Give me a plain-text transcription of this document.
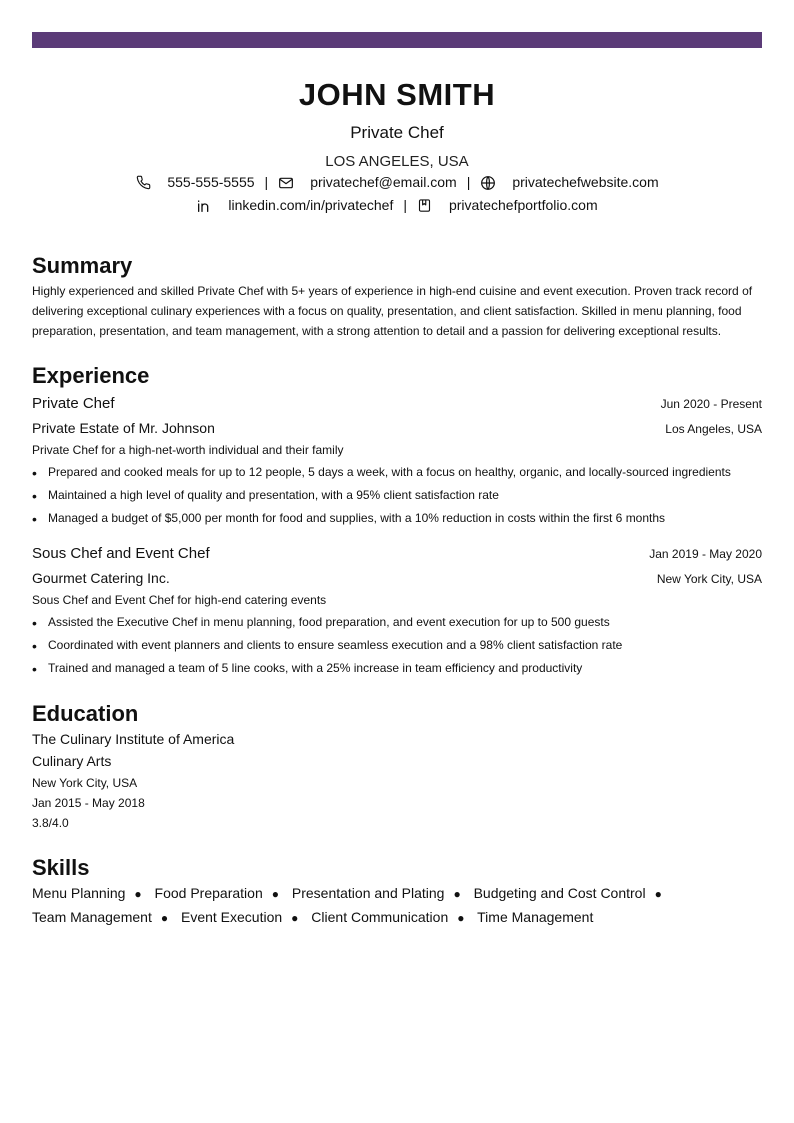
JOHN SMITH
Private Chef
LOS ANGELES, USA
555-555-5555 |	privatechef@email.com |	privatechefwebsite.com
linkedin.com/in/privatechef |	privatechefportfolio.com
Summary

Highly experienced and skilled Private Chef with 5+ years of experience in high-end cuisine and event execution. Proven track record of delivering exceptional culinary experiences with a focus on quality, presentation, and client satisfaction. Skilled in menu planning, food preparation, presentation, and team management, with a strong attention to detail and a passion for delivering exceptional results.

Experience
Private Chef	Jun 2020 - Present
Private Estate of Mr. Johnson	Los Angeles, USA
Private Chef for a high-net-worth individual and their family
• Prepared and cooked meals for up to 12 people, 5 days a week, with a focus on healthy, organic, and locally-sourced ingredients
• Maintained a high level of quality and presentation, with a 95% client satisfaction rate
• Managed a budget of $5,000 per month for food and supplies, with a 10% reduction in costs within the first 6 months
Sous Chef and Event Chef	Jan 2019 - May 2020
Gourmet Catering Inc.	New York City, USA
Sous Chef and Event Chef for high-end catering events
• Assisted the Executive Chef in menu planning, food preparation, and event execution for up to 500 guests
• Coordinated with event planners and clients to ensure seamless execution and a 98% client satisfaction rate
• Trained and managed a team of 5 line cooks, with a 25% increase in team efficiency and productivity
Education
The Culinary Institute of America
Culinary Arts
New York City, USA
Jan 2015 - May 2018
3.8/4.0
Skills
Menu Planning ● Food Preparation ● Presentation and Plating ● Budgeting and Cost Control ● Team Management ● Event Execution ● Client Communication ● Time Management
